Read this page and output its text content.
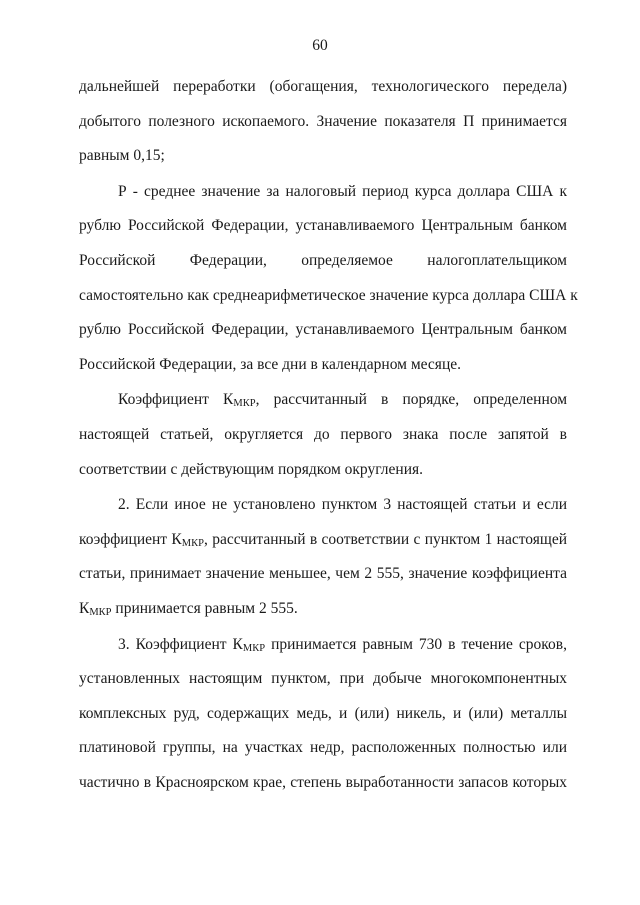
60
дальнейшей переработки (обогащения, технологического передела)
добытого полезного ископаемого. Значение показателя П принимается
равным 0,15;
Р - среднее значение за налоговый период курса доллара США к
рублю Российской Федерации, устанавливаемого Центральным банком
Российской Федерации, определяемое налогоплательщиком
самостоятельно как среднеарифметическое значение курса доллара США к
рублю Российской Федерации, устанавливаемого Центральным банком
Российской Федерации, за все дни в календарном месяце.
Коэффициент $К_{МКР}$, рассчитанный в порядке, определенном
настоящей статьей, округляется до первого знака после запятой в
соответствии с действующим порядком округления.
2. Если иное не установлено пунктом 3 настоящей статьи и если
коэффициент $К_{МКР}$, рассчитанный в соответствии с пунктом 1 настоящей
статьи, принимает значение меньшее, чем 2 555, значение коэффициента
$К_{МКР}$ принимается равным 2 555.
3. Коэффициент $К_{МКР}$ принимается равным 730 в течение сроков,
установленных настоящим пунктом, при добыче многокомпонентных
комплексных руд, содержащих медь, и (или) никель, и (или) металлы
платиновой группы, на участках недр, расположенных полностью или
частично в Красноярском крае, степень выработанности запасов которых
